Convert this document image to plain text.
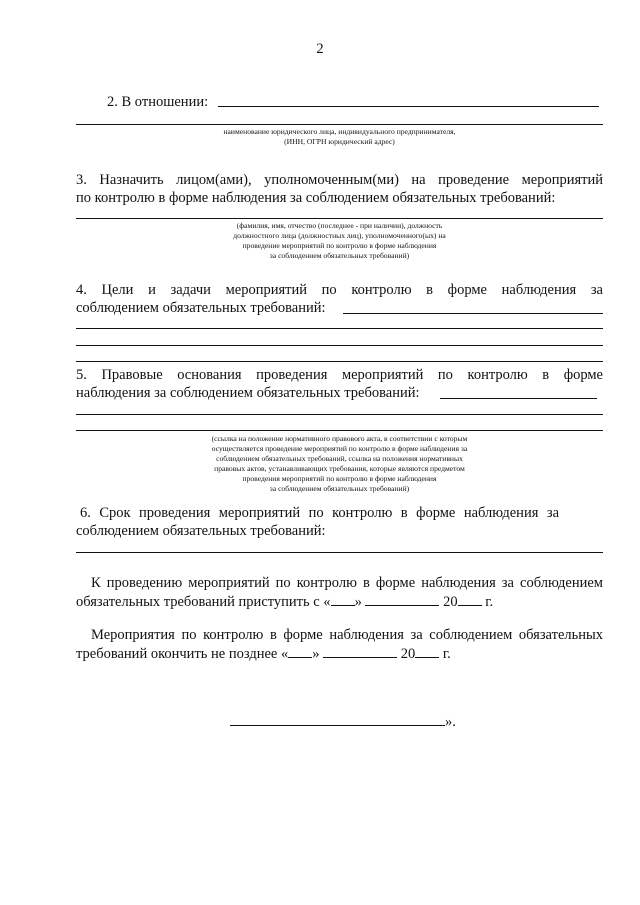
2
2. В отношении:
наименование юридического лица, индивидуального предпринимателя,
(ИНН, ОГРН юридический адрес)
3. Назначить лицом(ами), уполномоченным(ми) на проведение мероприятий
по контролю в форме наблюдения за соблюдением обязательных требований:
(фамилия, имя, отчество (последнее - при наличии), должность
должностного лица (должностных лиц), уполномоченного(ых) на
проведение мероприятий по контролю в форме наблюдения
за соблюдением обязательных требований)
4. Цели и задачи мероприятий по контролю в форме наблюдения за
соблюдением обязательных требований:
5. Правовые основания проведения мероприятий по контролю в форме
наблюдения за соблюдением обязательных требований:
(ссылка на положение нормативного правового акта, в соответствии с которым
осуществляется проведение мероприятий по контролю в форме наблюдения за
соблюдением обязательных требований, ссылка на положения нормативных
правовых актов, устанавливающих требования, которые являются предметом
проведения мероприятий по контролю в форме наблюдения
за соблюдением обязательных требований)
6. Срок проведения мероприятий по контролю в форме наблюдения за
соблюдением обязательных требований:
К проведению мероприятий по контролю в форме наблюдения за соблюдением
обязательных требований приступить с « »	20 г.
Мероприятия по контролю в форме наблюдения за соблюдением обязательных
требований окончить не позднее « »	20 г.
».
